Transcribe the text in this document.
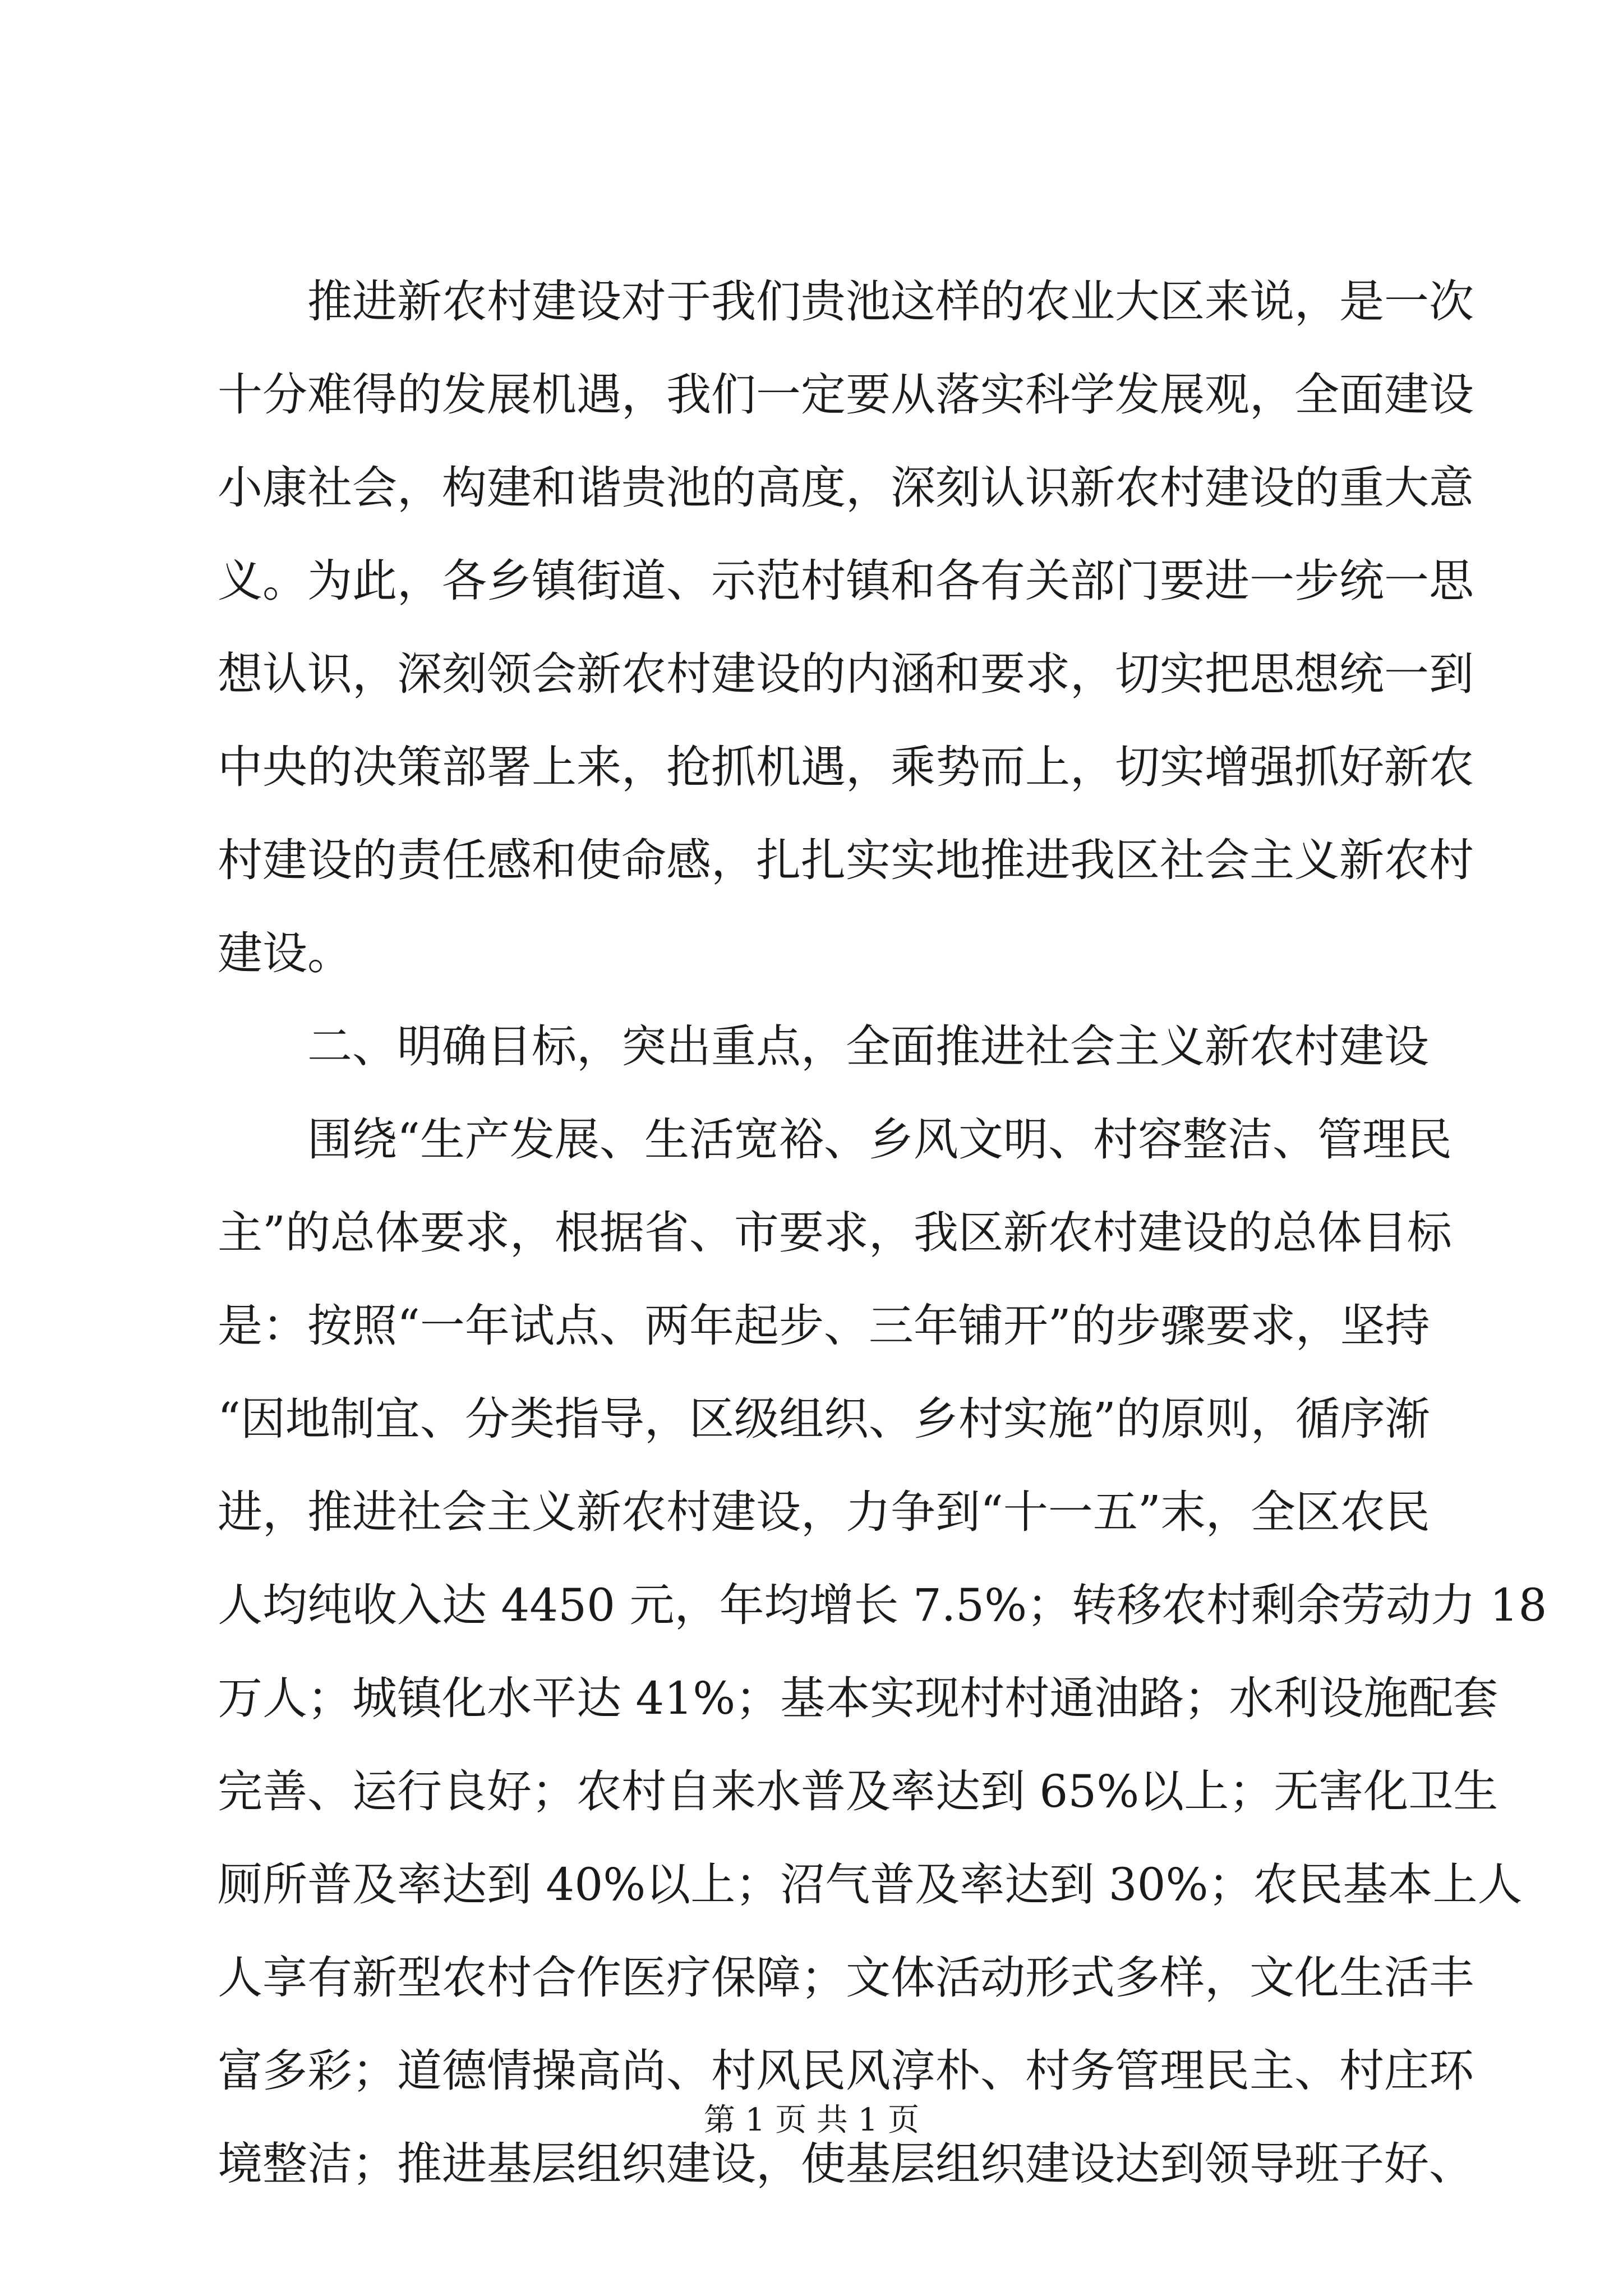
　　推进新农村建设对于我们贵池这样的农业大区来说，是一次
十分难得的发展机遇，我们一定要从落实科学发展观，全面建设
小康社会，构建和谐贵池的高度，深刻认识新农村建设的重大意
义。为此，各乡镇街道、示范村镇和各有关部门要进一步统一思
想认识，深刻领会新农村建设的内涵和要求，切实把思想统一到
中央的决策部署上来，抢抓机遇，乘势而上，切实增强抓好新农
村建设的责任感和使命感，扎扎实实地推进我区社会主义新农村
建设。
　　二、明确目标，突出重点，全面推进社会主义新农村建设
　　围绕“生产发展、生活宽裕、乡风文明、村容整洁、管理民
主”的总体要求，根据省、市要求，我区新农村建设的总体目标
是：按照“一年试点、两年起步、三年铺开”的步骤要求，坚持
“因地制宜、分类指导，区级组织、乡村实施”的原则，循序渐
进，推进社会主义新农村建设，力争到“十一五”末，全区农民
人均纯收入达 4450 元，年均增长 7.5%；转移农村剩余劳动力 18
万人；城镇化水平达 41%；基本实现村村通油路；水利设施配套
完善、运行良好；农村自来水普及率达到 65%以上；无害化卫生
厕所普及率达到 40%以上；沼气普及率达到 30%；农民基本上人
人享有新型农村合作医疗保障；文体活动形式多样，文化生活丰
富多彩；道德情操高尚、村风民风淳朴、村务管理民主、村庄环
境整洁；推进基层组织建设，使基层组织建设达到领导班子好、
第 1 页 共 1 页
